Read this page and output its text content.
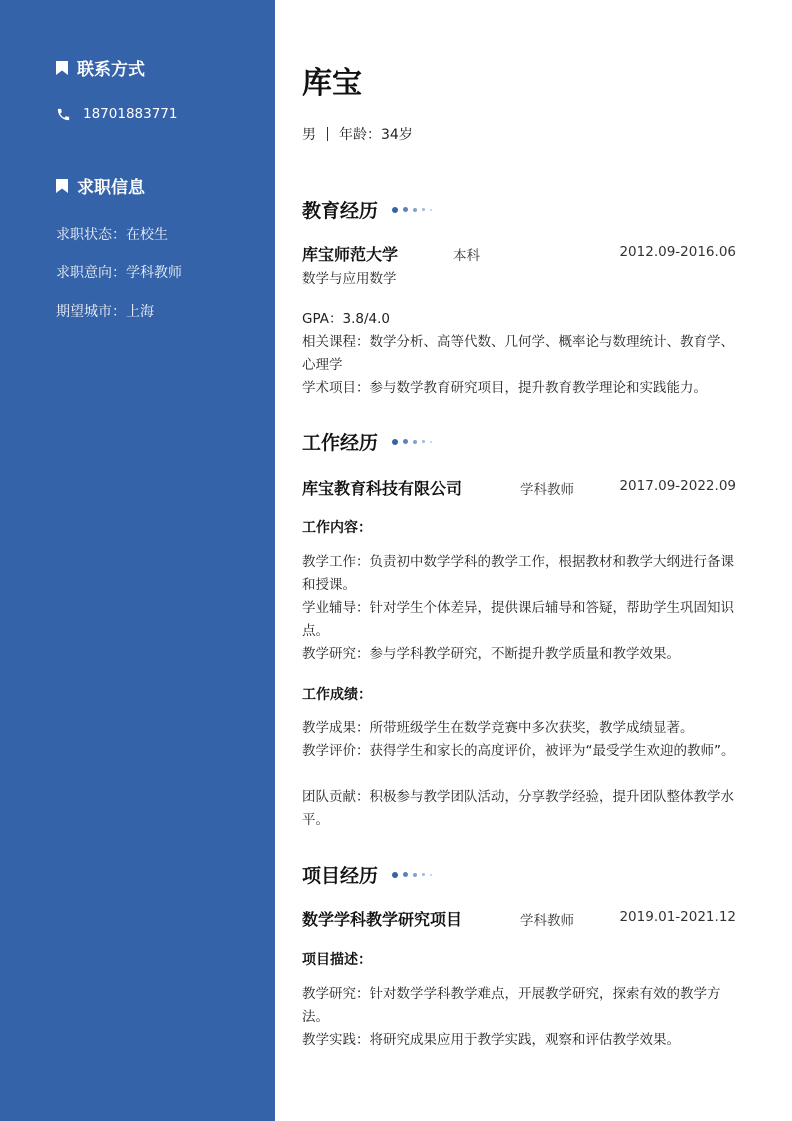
联系方式
18701883771
求职信息
求职状态：在校生
求职意向：学科教师
期望城市：上海
库宝
男 年龄：34岁
教育经历
库宝师范大学	本科	2012.09-2016.06
数学与应用数学
GPA：3.8/4.0
相关课程：数学分析、高等代数、几何学、概率论与数理统计、教育学、心理学
学术项目：参与数学教育研究项目，提升教育教学理论和实践能力。
工作经历
库宝教育科技有限公司	学科教师	2017.09-2022.09
工作内容：
教学工作：负责初中数学学科的教学工作，根据教材和教学大纲进行备课和授课。
学业辅导：针对学生个体差异，提供课后辅导和答疑，帮助学生巩固知识点。
教学研究：参与学科教学研究，不断提升教学质量和教学效果。
工作成绩：
教学成果：所带班级学生在数学竞赛中多次获奖，教学成绩显著。
教学评价：获得学生和家长的高度评价，被评为“最受学生欢迎的教师”。
团队贡献：积极参与教学团队活动，分享教学经验，提升团队整体教学水平。
项目经历
数学学科教学研究项目	学科教师	2019.01-2021.12
项目描述：
教学研究：针对数学学科教学难点，开展教学研究，探索有效的教学方法。
教学实践：将研究成果应用于教学实践，观察和评估教学效果。
